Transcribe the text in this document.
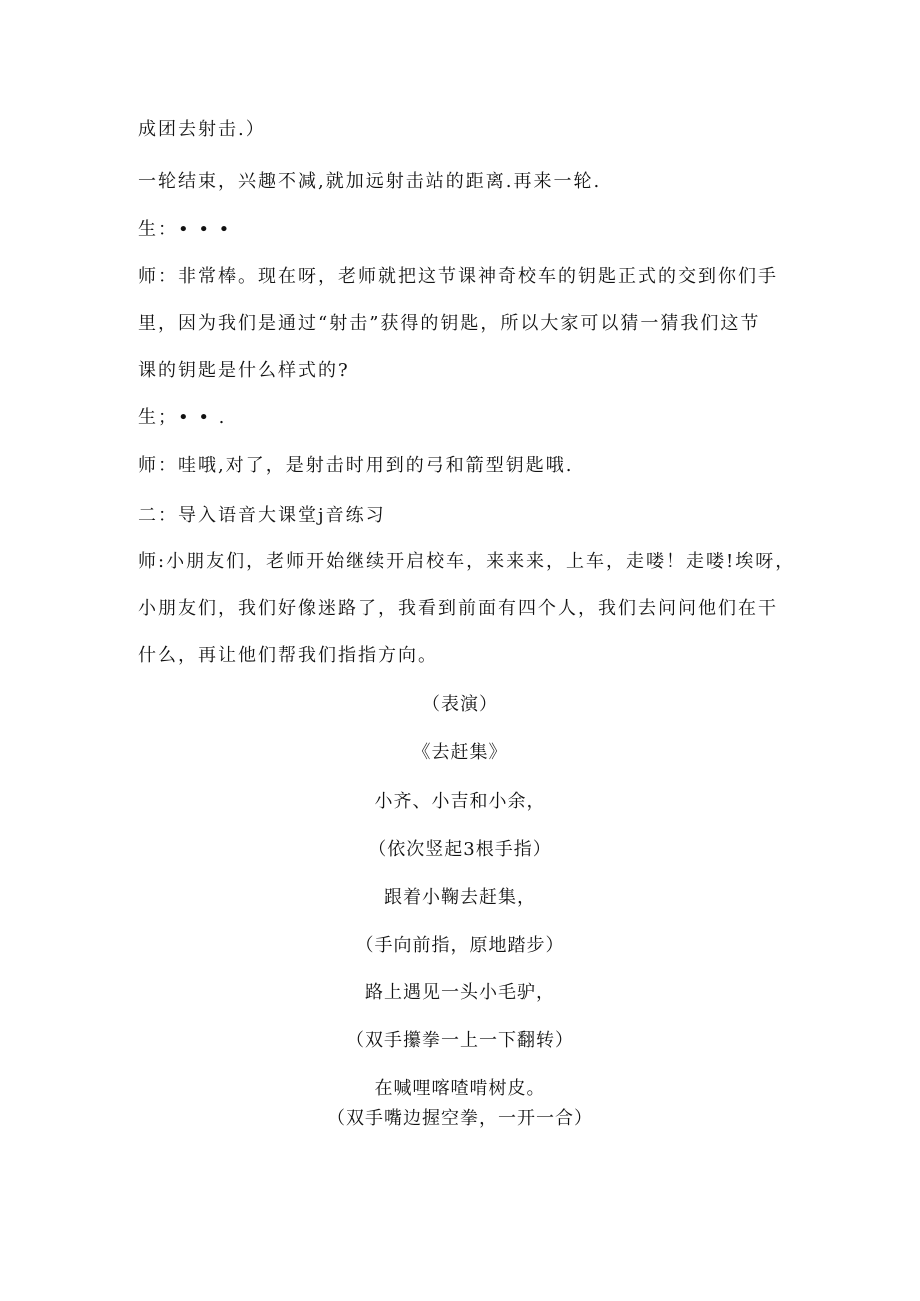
成团去射击.）
一轮结束，兴趣不减,就加远射击站的距离.再来一轮.
生：• • •
师：非常棒。现在呀，老师就把这节课神奇校车的钥匙正式的交到你们手
里，因为我们是通过“射击”获得的钥匙，所以大家可以猜一猜我们这节
课的钥匙是什么样式的?
生；• • .
师：哇哦,对了，是射击时用到的弓和箭型钥匙哦.
二：导入语音大课堂j音练习
师:小朋友们，老师开始继续开启校车，来来来，上车，走喽！走喽!埃呀，
小朋友们，我们好像迷路了，我看到前面有四个人，我们去问问他们在干
什么，再让他们帮我们指指方向。
（表演）
《去赶集》
小齐、小吉和小余，
（依次竖起3根手指）
跟着小鞠去赶集，
（手向前指，原地踏步）
路上遇见一头小毛驴，
（双手攥拳一上一下翻转）
在喊哩喀喳啃树皮。
（双手嘴边握空拳，一开一合）
